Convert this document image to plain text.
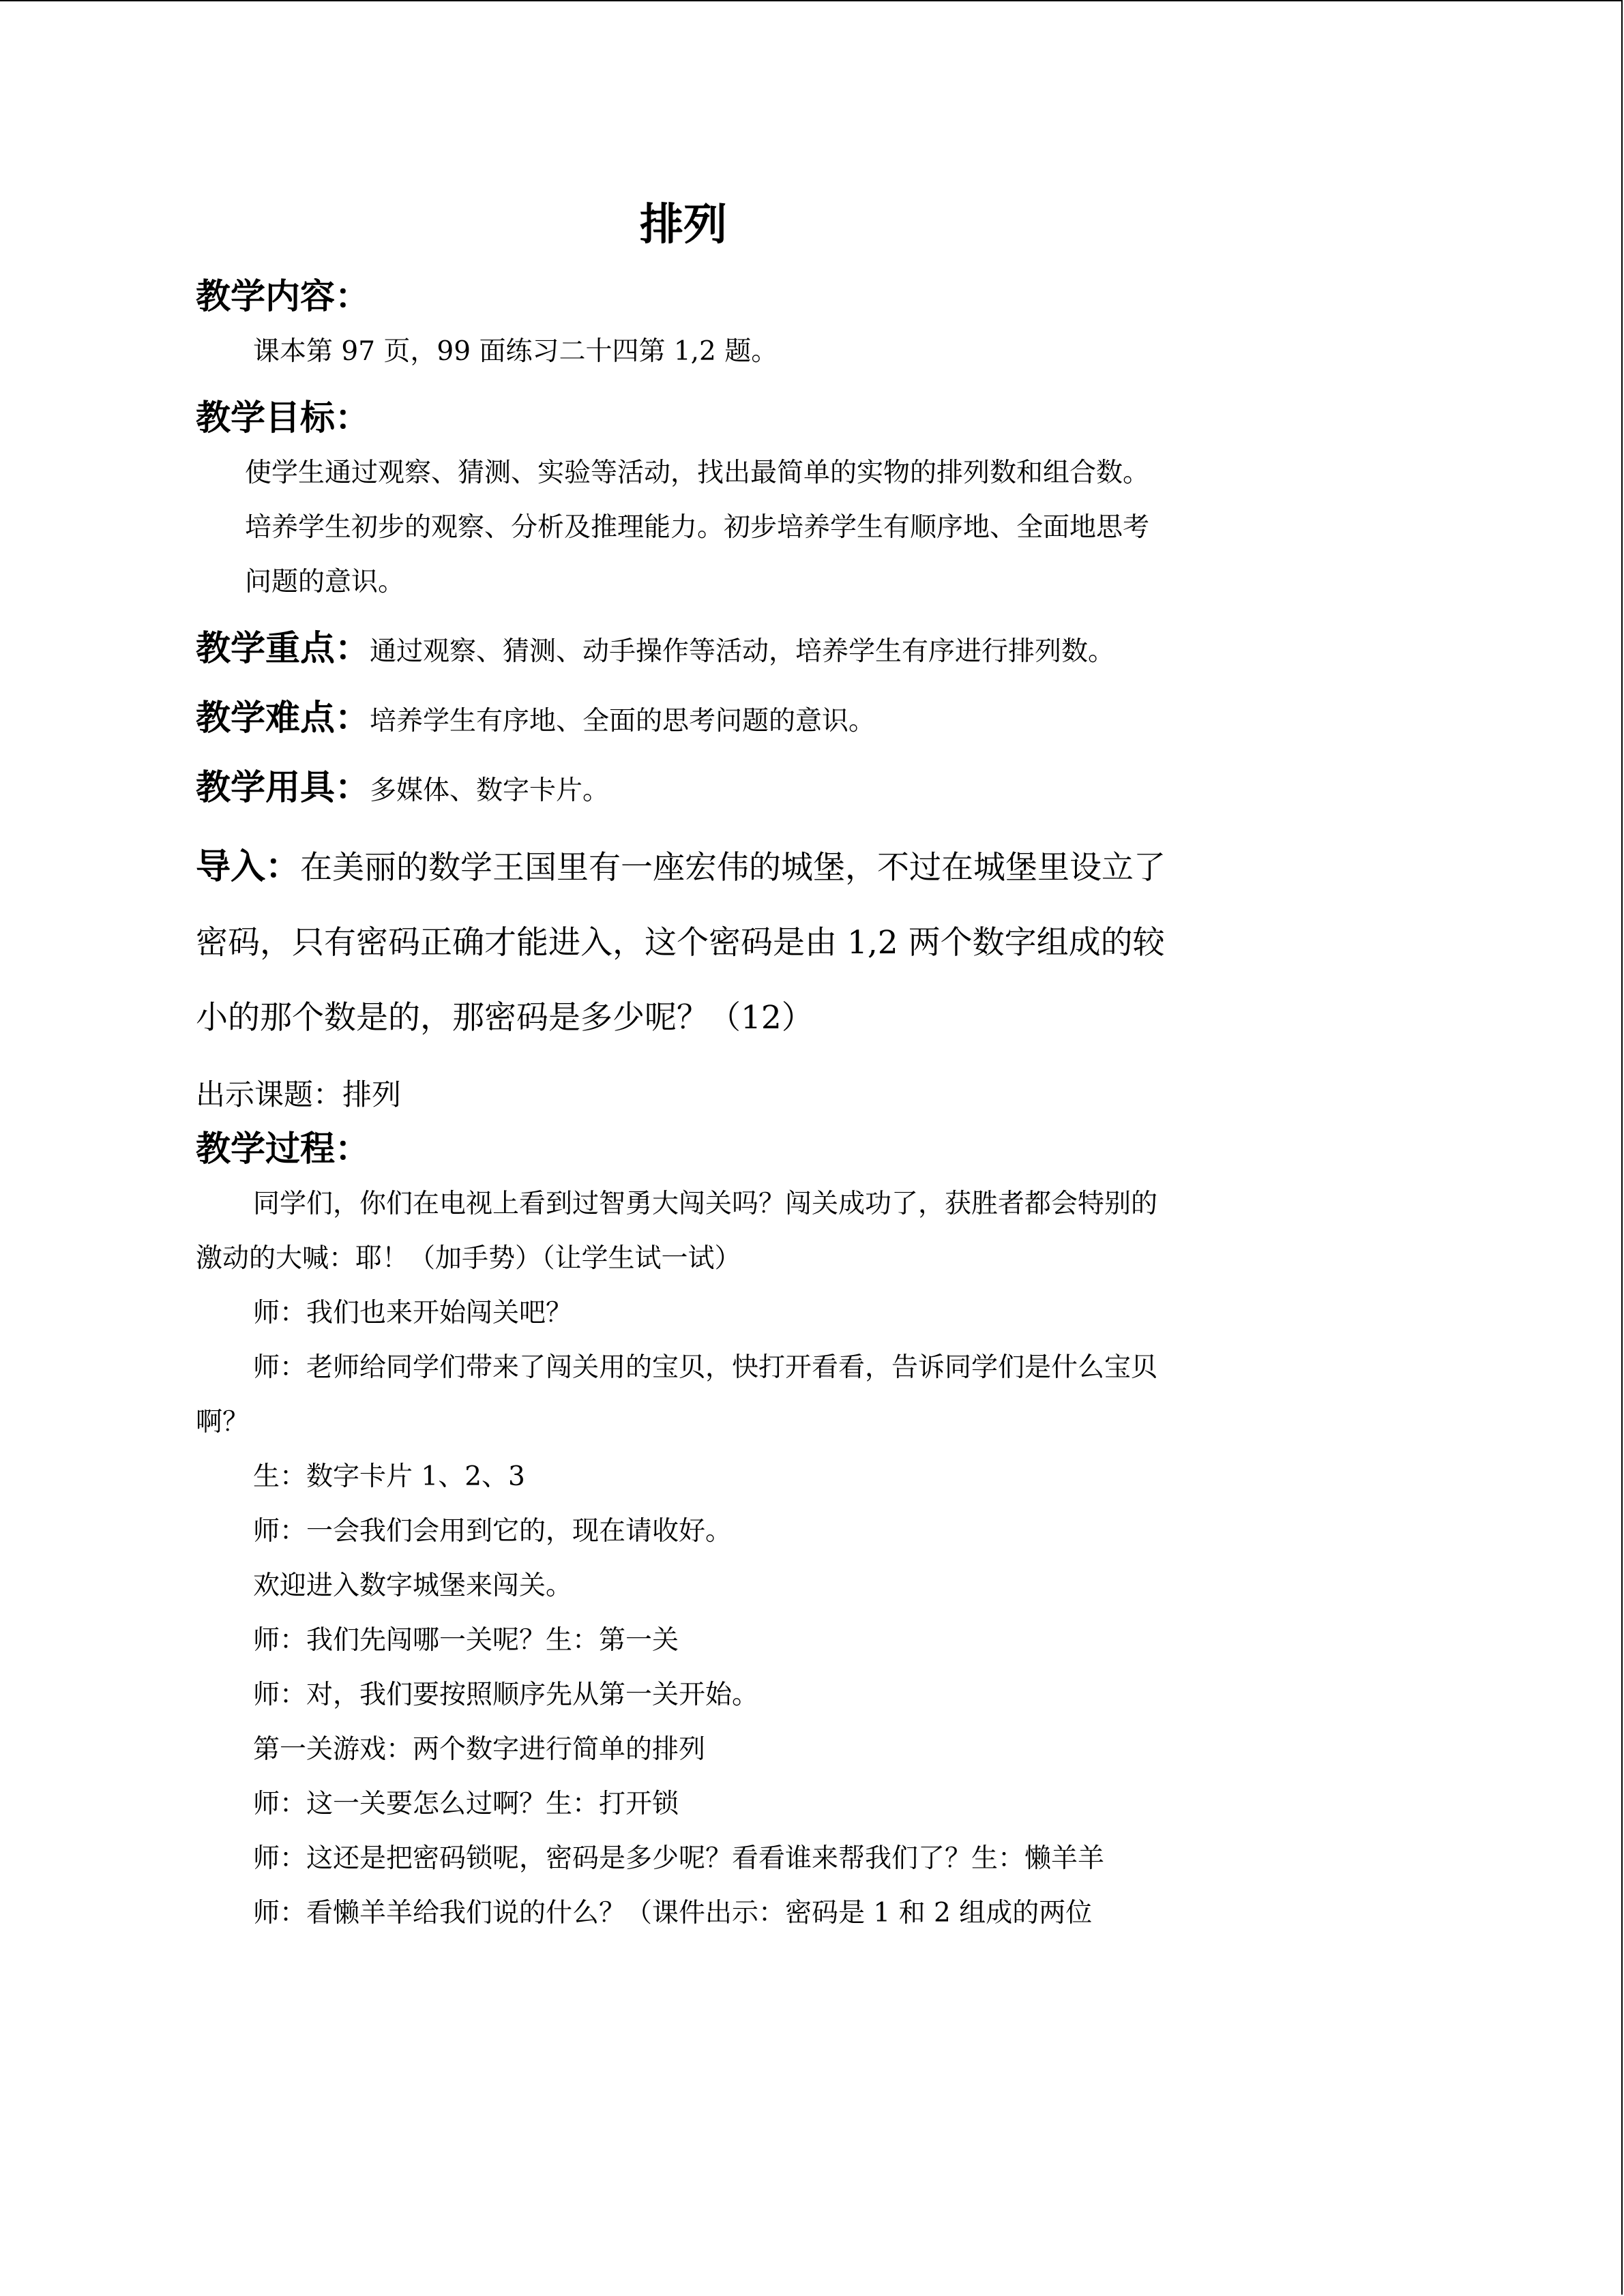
排列
教学内容：

课本第 97 页，99 面练习二十四第 1,2 题。

教学目标：

使学生通过观察、猜测、实验等活动，找出最简单的实物的排列数和组合数。培养学生初步的观察、分析及推理能力。初步培养学生有顺序地、全面地思考问题的意识。

教学重点：通过观察、猜测、动手操作等活动，培养学生有序进行排列数。

教学难点：培养学生有序地、全面的思考问题的意识。

教学用具：多媒体、数字卡片。

导入：在美丽的数学王国里有一座宏伟的城堡，不过在城堡里设立了密码，只有密码正确才能进入，这个密码是由 1,2 两个数字组成的较小的那个数是的，那密码是多少呢？（12）

出示课题：排列

教学过程：

同学们，你们在电视上看到过智勇大闯关吗？闯关成功了，获胜者都会特别的激动的大喊：耶！（加手势）（让学生试一试）

师：我们也来开始闯关吧？

师：老师给同学们带来了闯关用的宝贝，快打开看看，告诉同学们是什么宝贝啊？

生：数字卡片 1、2、3

师：一会我们会用到它的，现在请收好。

欢迎进入数字城堡来闯关。

师：我们先闯哪一关呢？生：第一关

师：对，我们要按照顺序先从第一关开始。

第一关游戏：两个数字进行简单的排列

师：这一关要怎么过啊？生：打开锁

师：这还是把密码锁呢，密码是多少呢？看看谁来帮我们了？生：懒羊羊

师：看懒羊羊给我们说的什么？（课件出示：密码是 1 和 2 组成的两位
